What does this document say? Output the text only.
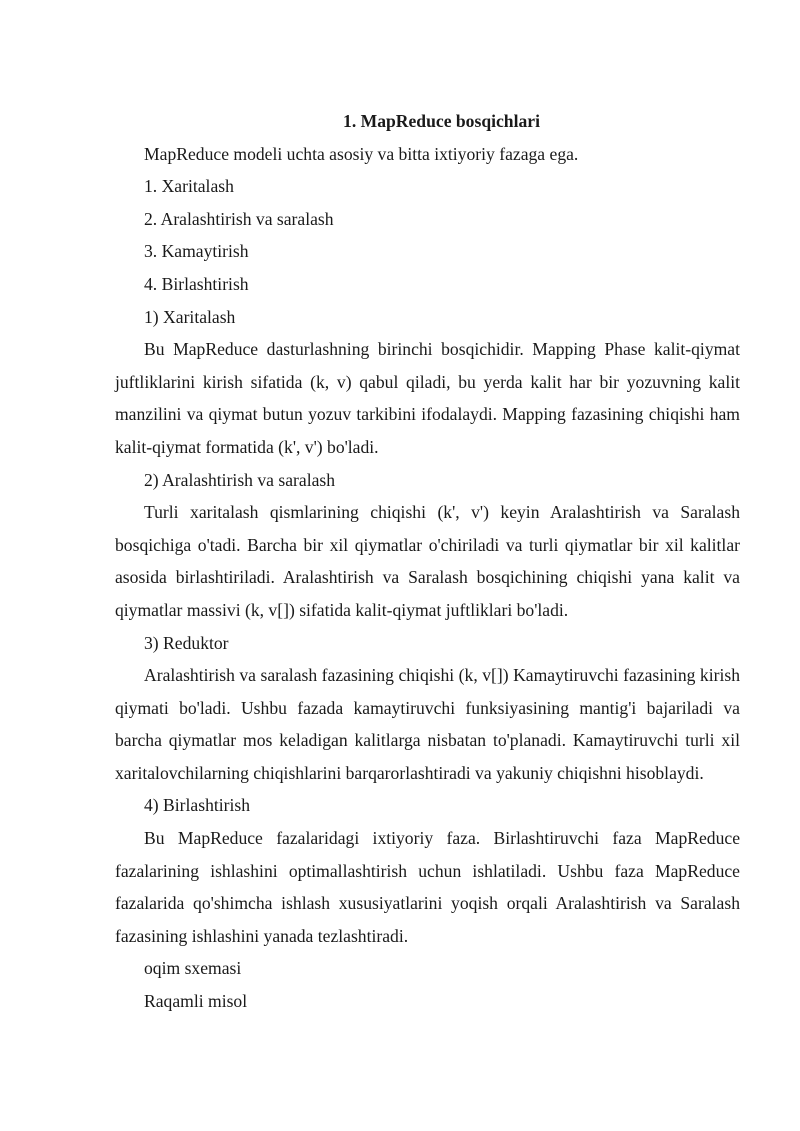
1. MapReduce bosqichlari

MapReduce modeli uchta asosiy va bitta ixtiyoriy fazaga ega.

1. Xaritalash

2. Aralashtirish va saralash

3. Kamaytirish

4. Birlashtirish

1) Xaritalash

Bu MapReduce dasturlashning birinchi bosqichidir. Mapping Phase kalit-qiymat juftliklarini kirish sifatida (k, v) qabul qiladi, bu yerda kalit har bir yozuvning kalit manzilini va qiymat butun yozuv tarkibini ifodalaydi. Mapping fazasining chiqishi ham kalit-qiymat formatida (k', v') bo'ladi.

2) Aralashtirish va saralash

Turli xaritalash qismlarining chiqishi (k', v') keyin Aralashtirish va Saralash bosqichiga o'tadi. Barcha bir xil qiymatlar o'chiriladi va turli qiymatlar bir xil kalitlar asosida birlashtiriladi. Aralashtirish va Saralash bosqichining chiqishi yana kalit va qiymatlar massivi (k, v[]) sifatida kalit-qiymat juftliklari bo'ladi.

3) Reduktor

Aralashtirish va saralash fazasining chiqishi (k, v[]) Kamaytiruvchi fazasining kirish qiymati bo'ladi. Ushbu fazada kamaytiruvchi funksiyasining mantig'i bajariladi va barcha qiymatlar mos keladigan kalitlarga nisbatan to'planadi. Kamaytiruvchi turli xil xaritalovchilarning chiqishlarini barqarorlashtiradi va yakuniy chiqishni hisoblaydi.

4) Birlashtirish

Bu MapReduce fazalaridagi ixtiyoriy faza. Birlashtiruvchi faza MapReduce fazalarining ishlashini optimallashtirish uchun ishlatiladi. Ushbu faza MapReduce fazalarida qo'shimcha ishlash xususiyatlarini yoqish orqali Aralashtirish va Saralash fazasining ishlashini yanada tezlashtiradi.

oqim sxemasi

Raqamli misol
